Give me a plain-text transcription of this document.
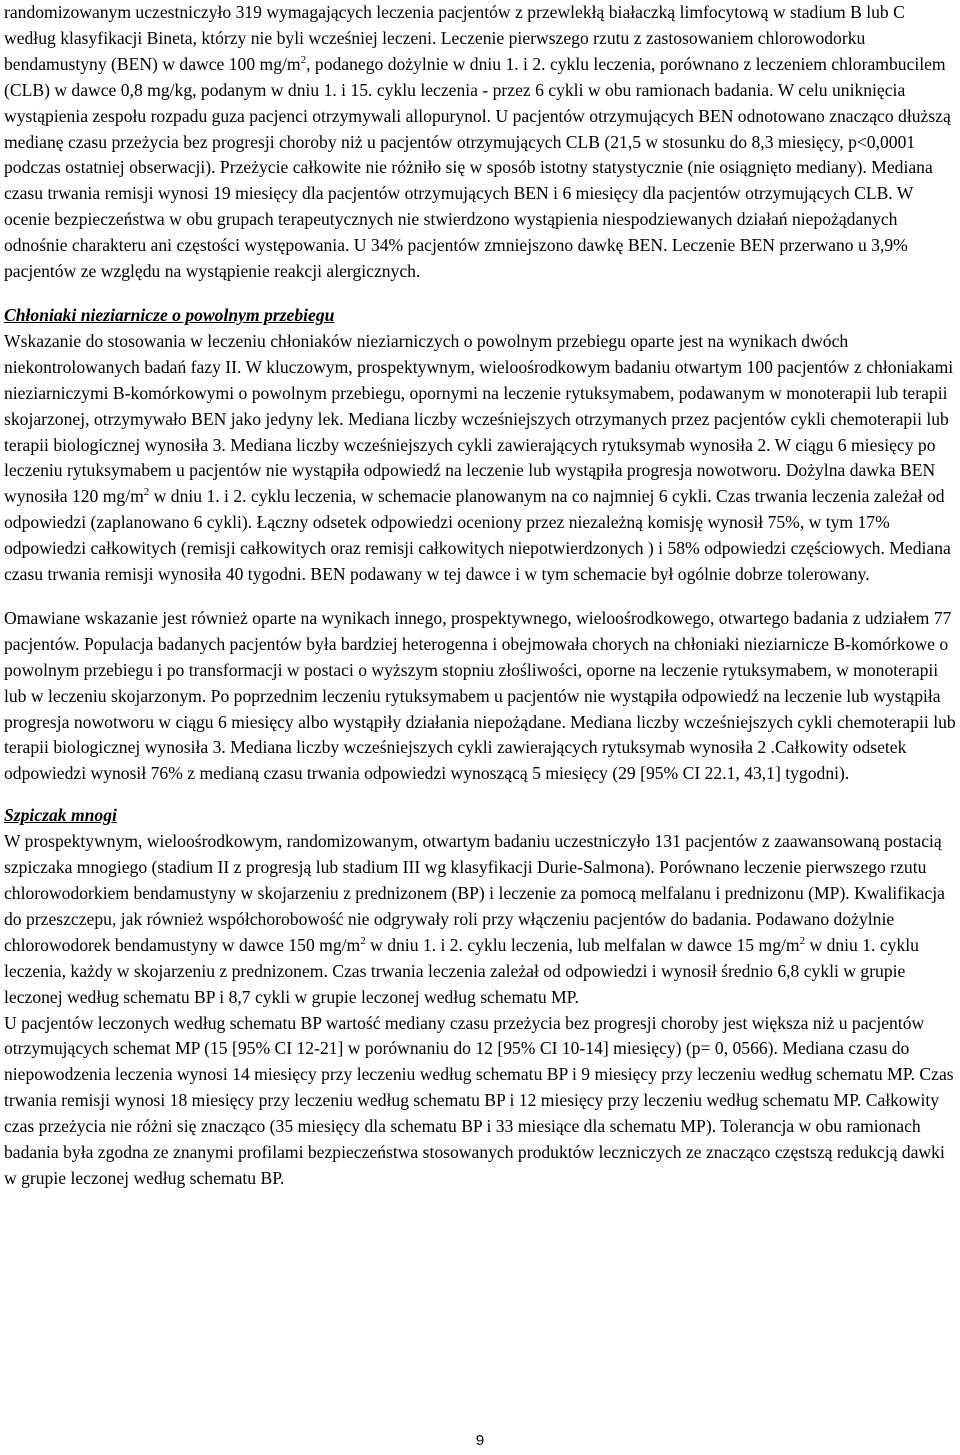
randomizowanym uczestniczyło 319 wymagających leczenia pacjentów z przewlekłą białaczką limfocytową w stadium B lub C według klasyfikacji Bineta, którzy nie byli wcześniej leczeni. Leczenie pierwszego rzutu z zastosowaniem chlorowodorku bendamustyny (BEN) w dawce 100 $mg/m^2$, podanego dożylnie w dniu 1. i 2. cyklu leczenia, porównano z leczeniem chlorambucilem (CLB) w dawce 0,8 mg/kg, podanym w dniu 1. i 15. cyklu leczenia - przez 6 cykli w obu ramionach badania. W celu uniknięcia wystąpienia zespołu rozpadu guza pacjenci otrzymywali allopurynol. U pacjentów otrzymujących BEN odnotowano znacząco dłuższą medianę czasu przeżycia bez progresji choroby niż u pacjentów otrzymujących CLB (21,5 w stosunku do 8,3 miesięcy, p<0,0001 podczas ostatniej obserwacji). Przeżycie całkowite nie różniło się w sposób istotny statystycznie (nie osiągnięto mediany). Mediana czasu trwania remisji wynosi 19 miesięcy dla pacjentów otrzymujących BEN i 6 miesięcy dla pacjentów otrzymujących CLB. W ocenie bezpieczeństwa w obu grupach terapeutycznych nie stwierdzono wystąpienia niespodziewanych działań niepożądanych odnośnie charakteru ani częstości występowania. U 34% pacjentów zmniejszono dawkę BEN. Leczenie BEN przerwano u 3,9% pacjentów ze względu na wystąpienie reakcji alergicznych.

Chłoniaki nieziarnicze o powolnym przebiegu

Wskazanie do stosowania w leczeniu chłoniaków nieziarniczych o powolnym przebiegu oparte jest na wynikach dwóch niekontrolowanych badań fazy II. W kluczowym, prospektywnym, wieloośrodkowym badaniu otwartym 100 pacjentów z chłoniakami nieziarniczymi B-komórkowymi o powolnym przebiegu, opornymi na leczenie rytuksymabem, podawanym w monoterapii lub terapii skojarzonej, otrzymywało BEN jako jedyny lek. Mediana liczby wcześniejszych otrzymanych przez pacjentów cykli chemoterapii lub terapii biologicznej wynosiła 3. Mediana liczby wcześniejszych cykli zawierających rytuksymab wynosiła 2. W ciągu 6 miesięcy po leczeniu rytuksymabem u pacjentów nie wystąpiła odpowiedź na leczenie lub wystąpiła progresja nowotworu. Dożylna dawka BEN wynosiła 120 $mg/m^2$ w dniu 1. i 2. cyklu leczenia, w schemacie planowanym na co najmniej 6 cykli. Czas trwania leczenia zależał od odpowiedzi (zaplanowano 6 cykli). Łączny odsetek odpowiedzi oceniony przez niezależną komisję wynosił 75%, w tym 17% odpowiedzi całkowitych (remisji całkowitych oraz remisji całkowitych niepotwierdzonych ) i 58% odpowiedzi częściowych. Mediana czasu trwania remisji wynosiła 40 tygodni. BEN podawany w tej dawce i w tym schemacie był ogólnie dobrze tolerowany.

Omawiane wskazanie jest również oparte na wynikach innego, prospektywnego, wieloośrodkowego, otwartego badania z udziałem 77 pacjentów. Populacja badanych pacjentów była bardziej heterogenna i obejmowała chorych na chłoniaki nieziarnicze B-komórkowe o powolnym przebiegu i po transformacji w postaci o wyższym stopniu złośliwości, oporne na leczenie rytuksymabem, w monoterapii lub w leczeniu skojarzonym. Po poprzednim leczeniu rytuksymabem u pacjentów nie wystąpiła odpowiedź na leczenie lub wystąpiła progresja nowotworu w ciągu 6 miesięcy albo wystąpiły działania niepożądane. Mediana liczby wcześniejszych cykli chemoterapii lub terapii biologicznej wynosiła 3. Mediana liczby wcześniejszych cykli zawierających rytuksymab wynosiła 2 .Całkowity odsetek odpowiedzi wynosił 76% z medianą czasu trwania odpowiedzi wynoszącą 5 miesięcy (29 [95% CI 22.1, 43,1] tygodni).

Szpiczak mnogi

W prospektywnym, wieloośrodkowym, randomizowanym, otwartym badaniu uczestniczyło 131 pacjentów z zaawansowaną postacią szpiczaka mnogiego (stadium II z progresją lub stadium III wg klasyfikacji Durie-Salmona). Porównano leczenie pierwszego rzutu chlorowodorkiem bendamustyny w skojarzeniu z prednizonem (BP) i leczenie za pomocą melfalanu i prednizonu (MP). Kwalifikacja do przeszczepu, jak również współchorobowość nie odgrywały roli przy włączeniu pacjentów do badania. Podawano dożylnie chlorowodorek bendamustyny w dawce 150 $mg/m^2$ w dniu 1. i 2. cyklu leczenia, lub melfalan w dawce 15 $mg/m^2$ w dniu 1. cyklu leczenia, każdy w skojarzeniu z prednizonem. Czas trwania leczenia zależał od odpowiedzi i wynosił średnio 6,8 cykli w grupie leczonej według schematu BP i 8,7 cykli w grupie leczonej według schematu MP.

U pacjentów leczonych według schematu BP wartość mediany czasu przeżycia bez progresji choroby jest większa niż u pacjentów otrzymujących schemat MP (15 [95% CI 12-21] w porównaniu do 12 [95% CI 10-14] miesięcy) (p= 0, 0566). Mediana czasu do niepowodzenia leczenia wynosi 14 miesięcy przy leczeniu według schematu BP i 9 miesięcy przy leczeniu według schematu MP. Czas trwania remisji wynosi 18 miesięcy przy leczeniu według schematu BP i 12 miesięcy przy leczeniu według schematu MP. Całkowity czas przeżycia nie różni się znacząco (35 miesięcy dla schematu BP i 33 miesiące dla schematu MP). Tolerancja w obu ramionach badania była zgodna ze znanymi profilami bezpieczeństwa stosowanych produktów leczniczych ze znacząco częstszą redukcją dawki w grupie leczonej według schematu BP.

9
